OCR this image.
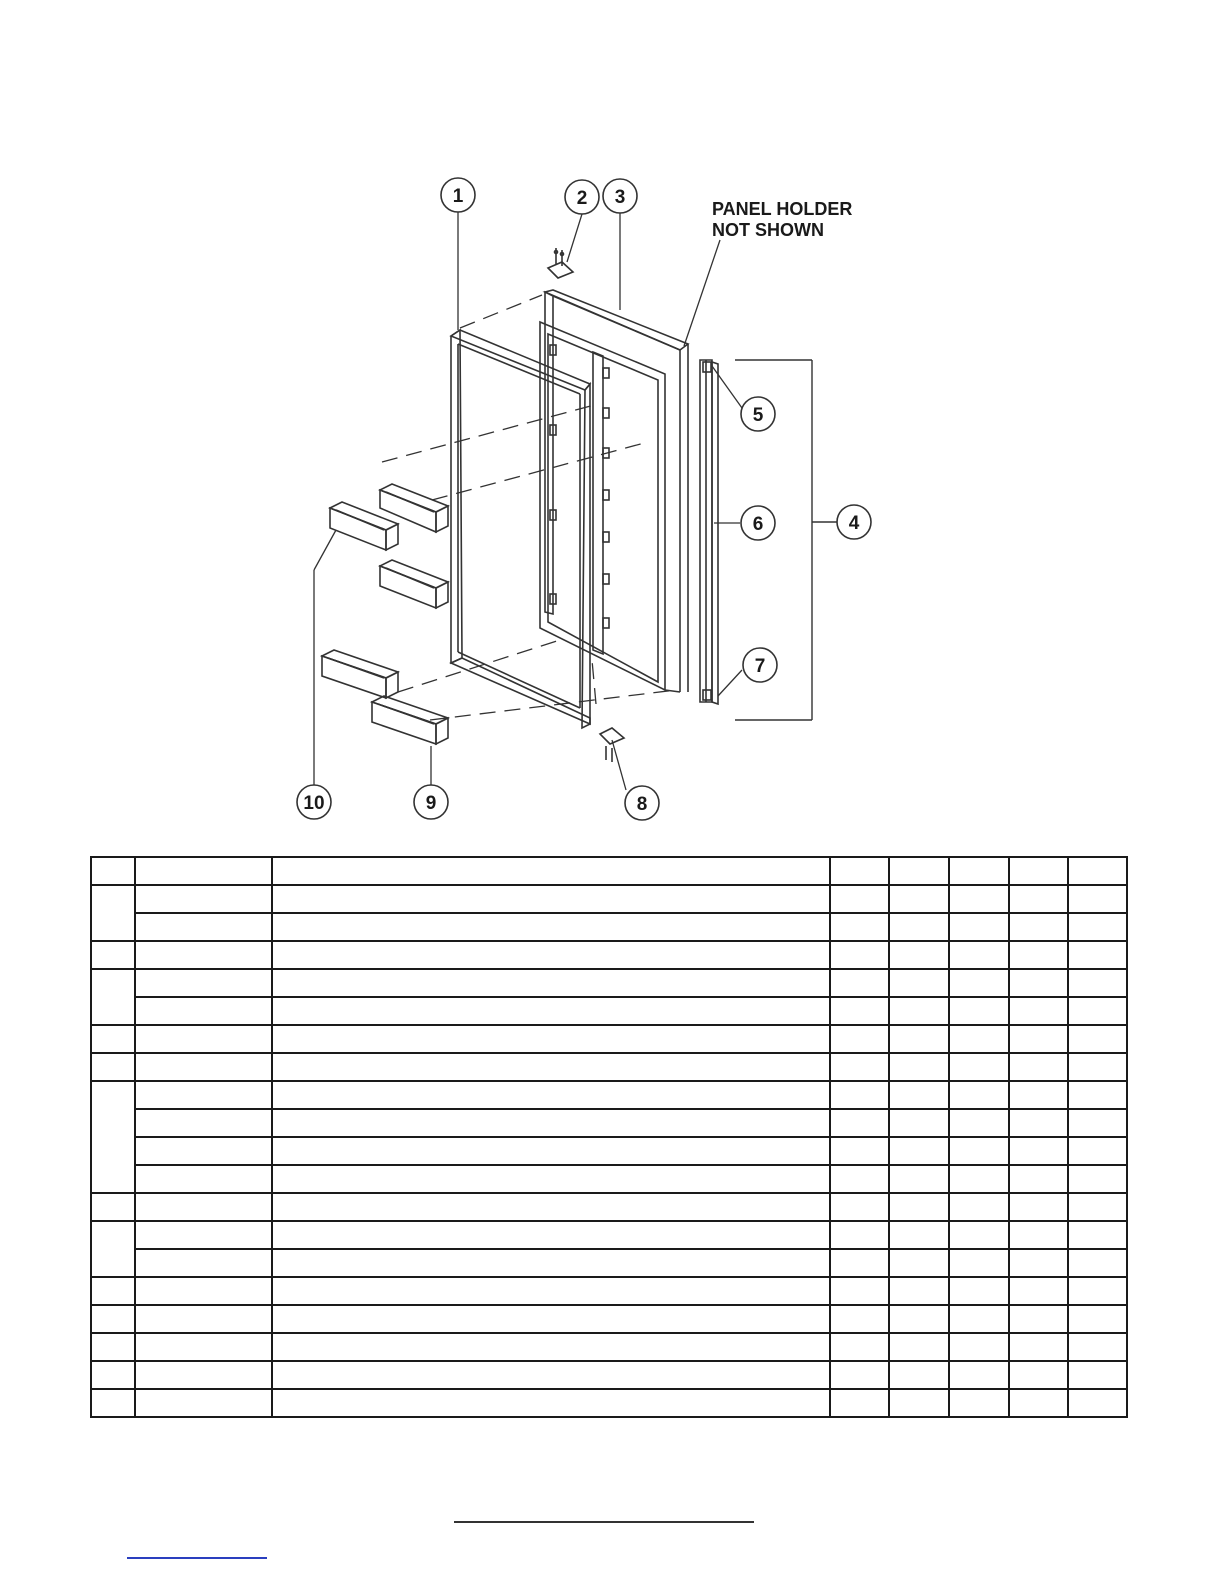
1	2 3
4
5
6
7
8
9
10
PANEL HOLDER
NOT SHOWN
